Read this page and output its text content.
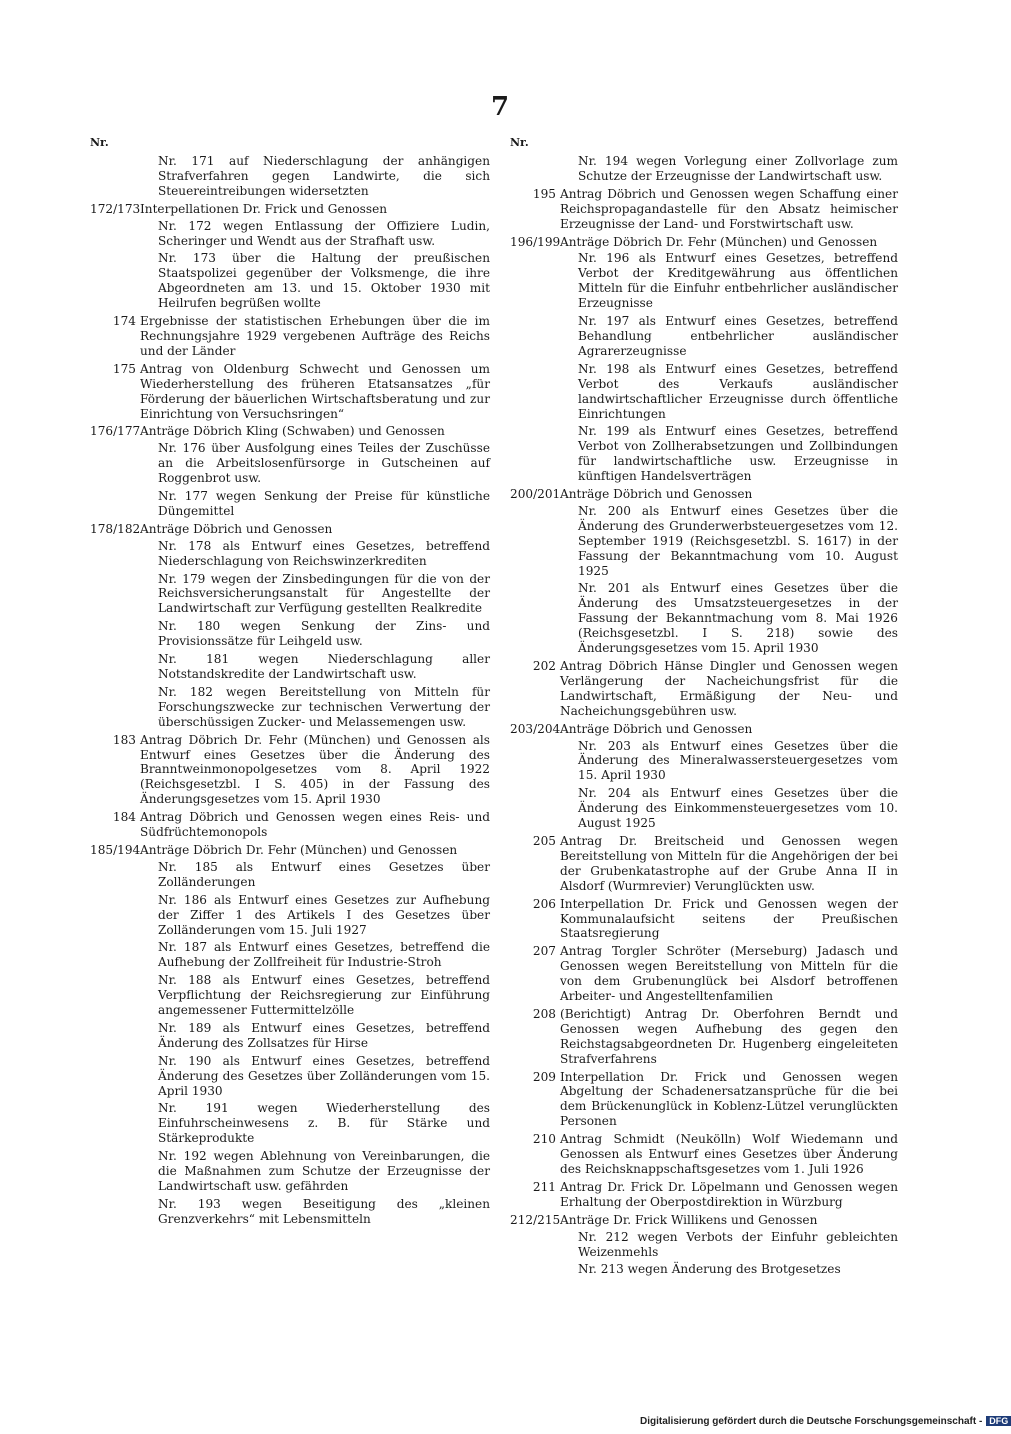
7
Nr.
Nr. 171 auf Niederschlagung der anhängigen Strafverfahren gegen Landwirte, die sich Steuereintreibungen widersetzten
172/173 Interpellationen Dr. Frick und Genossen
Nr. 172 wegen Entlassung der Offiziere Ludin, Scheringer und Wendt aus der Strafhaft usw.
Nr. 173 über die Haltung der preußischen Staatspolizei gegenüber der Volksmenge, die ihre Abgeordneten am 13. und 15. Oktober 1930 mit Heilrufen begrüßen wollte
174 Ergebnisse der statistischen Erhebungen über die im Rechnungsjahre 1929 vergebenen Aufträge des Reichs und der Länder
175 Antrag von Oldenburg Schwecht und Genossen um Wiederherstellung des früheren Etatsansatzes „für Förderung der bäuerlichen Wirtschaftsberatung und zur Einrichtung von Versuchsringen“
176/177 Anträge Döbrich Kling (Schwaben) und Genossen
Nr. 176 über Ausfolgung eines Teiles der Zuschüsse an die Arbeitslosenfürsorge in Gutscheinen auf Roggenbrot usw.
Nr. 177 wegen Senkung der Preise für künstliche Düngemittel
178/182 Anträge Döbrich und Genossen
Nr. 178 als Entwurf eines Gesetzes, betreffend Niederschlagung von Reichswinzerkrediten
Nr. 179 wegen der Zinsbedingungen für die von der Reichsversicherungsanstalt für Angestellte der Landwirtschaft zur Verfügung gestellten Realkredite
Nr. 180 wegen Senkung der Zins- und Provisionssätze für Leihgeld usw.
Nr. 181 wegen Niederschlagung aller Notstandskredite der Landwirtschaft usw.
Nr. 182 wegen Bereitstellung von Mitteln für Forschungszwecke zur technischen Verwertung der überschüssigen Zucker- und Melassemengen usw.
183 Antrag Döbrich Dr. Fehr (München) und Genossen als Entwurf eines Gesetzes über die Änderung des Branntweinmonopolgesetzes vom 8. April 1922 (Reichsgesetzbl. I S. 405) in der Fassung des Änderungsgesetzes vom 15. April 1930
184 Antrag Döbrich und Genossen wegen eines Reis- und Südfrüchtemonopols
185/194 Anträge Döbrich Dr. Fehr (München) und Genossen
Nr. 185 als Entwurf eines Gesetzes über Zolländerungen
Nr. 186 als Entwurf eines Gesetzes zur Aufhebung der Ziffer 1 des Artikels I des Gesetzes über Zolländerungen vom 15. Juli 1927
Nr. 187 als Entwurf eines Gesetzes, betreffend die Aufhebung der Zollfreiheit für Industrie-Stroh
Nr. 188 als Entwurf eines Gesetzes, betreffend Verpflichtung der Reichsregierung zur Einführung angemessener Futtermittelzölle
Nr. 189 als Entwurf eines Gesetzes, betreffend Änderung des Zollsatzes für Hirse
Nr. 190 als Entwurf eines Gesetzes, betreffend Änderung des Gesetzes über Zolländerungen vom 15. April 1930
Nr. 191 wegen Wiederherstellung des Einfuhrscheinwesens z. B. für Stärke und Stärkeprodukte
Nr. 192 wegen Ablehnung von Vereinbarungen, die die Maßnahmen zum Schutze der Erzeugnisse der Landwirtschaft usw. gefährden
Nr. 193 wegen Beseitigung des „kleinen Grenzverkehrs“ mit Lebensmitteln
Nr.
Nr. 194 wegen Vorlegung einer Zollvorlage zum Schutze der Erzeugnisse der Landwirtschaft usw.
195 Antrag Döbrich und Genossen wegen Schaffung einer Reichspropagandastelle für den Absatz heimischer Erzeugnisse der Land- und Forstwirtschaft usw.
196/199 Anträge Döbrich Dr. Fehr (München) und Genossen
Nr. 196 als Entwurf eines Gesetzes, betreffend Verbot der Kreditgewährung aus öffentlichen Mitteln für die Einfuhr entbehrlicher ausländischer Erzeugnisse
Nr. 197 als Entwurf eines Gesetzes, betreffend Behandlung entbehrlicher ausländischer Agrarerzeugnisse
Nr. 198 als Entwurf eines Gesetzes, betreffend Verbot des Verkaufs ausländischer landwirtschaftlicher Erzeugnisse durch öffentliche Einrichtungen
Nr. 199 als Entwurf eines Gesetzes, betreffend Verbot von Zollherabsetzungen und Zollbindungen für landwirtschaftliche usw. Erzeugnisse in künftigen Handelsverträgen
200/201 Anträge Döbrich und Genossen
Nr. 200 als Entwurf eines Gesetzes über die Änderung des Grunderwerbsteuergesetzes vom 12. September 1919 (Reichsgesetzbl. S. 1617) in der Fassung der Bekanntmachung vom 10. August 1925
Nr. 201 als Entwurf eines Gesetzes über die Änderung des Umsatzsteuergesetzes in der Fassung der Bekanntmachung vom 8. Mai 1926 (Reichsgesetzbl. I S. 218) sowie des Änderungsgesetzes vom 15. April 1930
202 Antrag Döbrich Hänse Dingler und Genossen wegen Verlängerung der Nacheichungsfrist für die Landwirtschaft, Ermäßigung der Neu- und Nacheichungsgebühren usw.
203/204 Anträge Döbrich und Genossen
Nr. 203 als Entwurf eines Gesetzes über die Änderung des Mineralwassersteuergesetzes vom 15. April 1930
Nr. 204 als Entwurf eines Gesetzes über die Änderung des Einkommensteuergesetzes vom 10. August 1925
205 Antrag Dr. Breitscheid und Genossen wegen Bereitstellung von Mitteln für die Angehörigen der bei der Grubenkatastrophe auf der Grube Anna II in Alsdorf (Wurmrevier) Verunglückten usw.
206 Interpellation Dr. Frick und Genossen wegen der Kommunalaufsicht seitens der Preußischen Staatsregierung
207 Antrag Torgler Schröter (Merseburg) Jadasch und Genossen wegen Bereitstellung von Mitteln für die von dem Grubenunglück bei Alsdorf betroffenen Arbeiter- und Angestelltenfamilien
208 (Berichtigt) Antrag Dr. Oberfohren Berndt und Genossen wegen Aufhebung des gegen den Reichstagsabgeordneten Dr. Hugenberg eingeleiteten Strafverfahrens
209 Interpellation Dr. Frick und Genossen wegen Abgeltung der Schadenersatzansprüche für die bei dem Brückenunglück in Koblenz-Lützel verunglückten Personen
210 Antrag Schmidt (Neukölln) Wolf Wiedemann und Genossen als Entwurf eines Gesetzes über Änderung des Reichsknappschaftsgesetzes vom 1. Juli 1926
211 Antrag Dr. Frick Dr. Löpelmann und Genossen wegen Erhaltung der Oberpostdirektion in Würzburg
212/215 Anträge Dr. Frick Willikens und Genossen
Nr. 212 wegen Verbots der Einfuhr gebleichten Weizenmehls
Nr. 213 wegen Änderung des Brotgesetzes
Digitalisierung gefördert durch die Deutsche Forschungsgemeinschaft - DFG
